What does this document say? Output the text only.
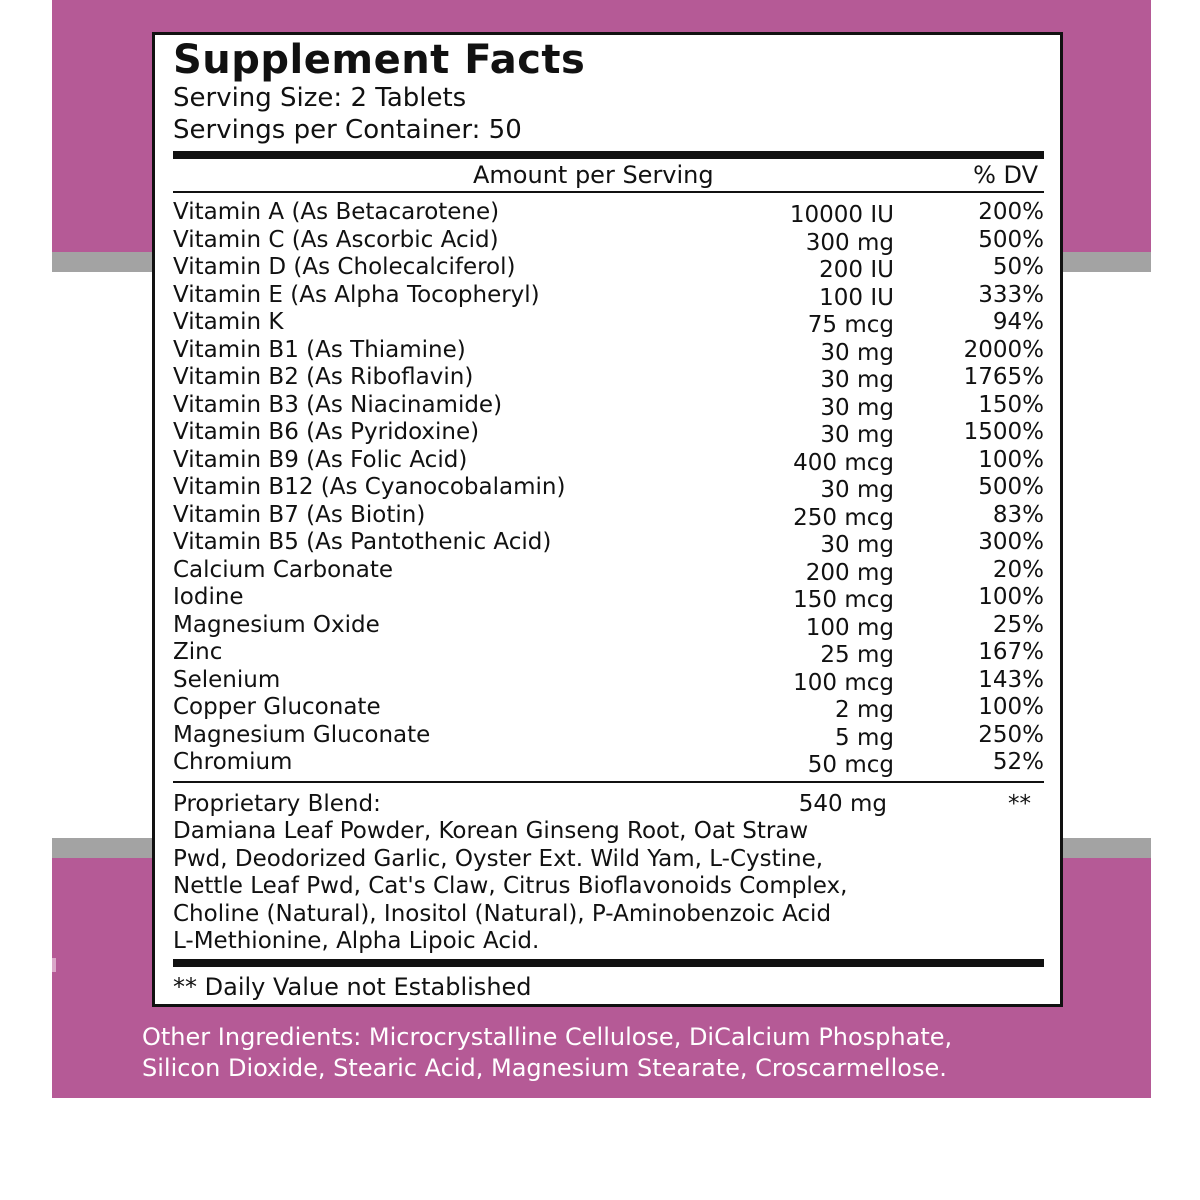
Supplement Facts
Serving Size: 2 Tablets
Servings per Container: 50
Amount per Serving	% DV
Vitamin A (As Betacarotene)	10000 IU	200%
Vitamin C (As Ascorbic Acid)	300 mg	500%
Vitamin D (As Cholecalciferol)	200 IU	50%
Vitamin E (As Alpha Tocopheryl)	100 IU	333%
Vitamin K	75 mcg	94%
Vitamin B1 (As Thiamine)	30 mg	2000%
Vitamin B2 (As Riboflavin)	30 mg	1765%
Vitamin B3 (As Niacinamide)	30 mg	150%
Vitamin B6 (As Pyridoxine)	30 mg	1500%
Vitamin B9 (As Folic Acid)	400 mcg	100%
Vitamin B12 (As Cyanocobalamin)	30 mg	500%
Vitamin B7 (As Biotin)	250 mcg	83%
Vitamin B5 (As Pantothenic Acid)	30 mg	300%
Calcium Carbonate	200 mg	20%
Iodine	150 mcg	100%
Magnesium Oxide	100 mg	25%
Zinc	25 mg	167%
Selenium	100 mcg	143%
Copper Gluconate	2 mg	100%
Magnesium Gluconate	5 mg	250%
Chromium	50 mcg	52%
Proprietary Blend:	540 mg	**
Damiana Leaf Powder, Korean Ginseng Root, Oat Straw
Pwd, Deodorized Garlic, Oyster Ext. Wild Yam, L-Cystine,
Nettle Leaf Pwd, Cat's Claw, Citrus Bioflavonoids Complex,
Choline (Natural), Inositol (Natural), P-Aminobenzoic Acid
L-Methionine, Alpha Lipoic Acid.
** Daily Value not Established
Other Ingredients: Microcrystalline Cellulose, DiCalcium Phosphate,
Silicon Dioxide, Stearic Acid, Magnesium Stearate, Croscarmellose.
